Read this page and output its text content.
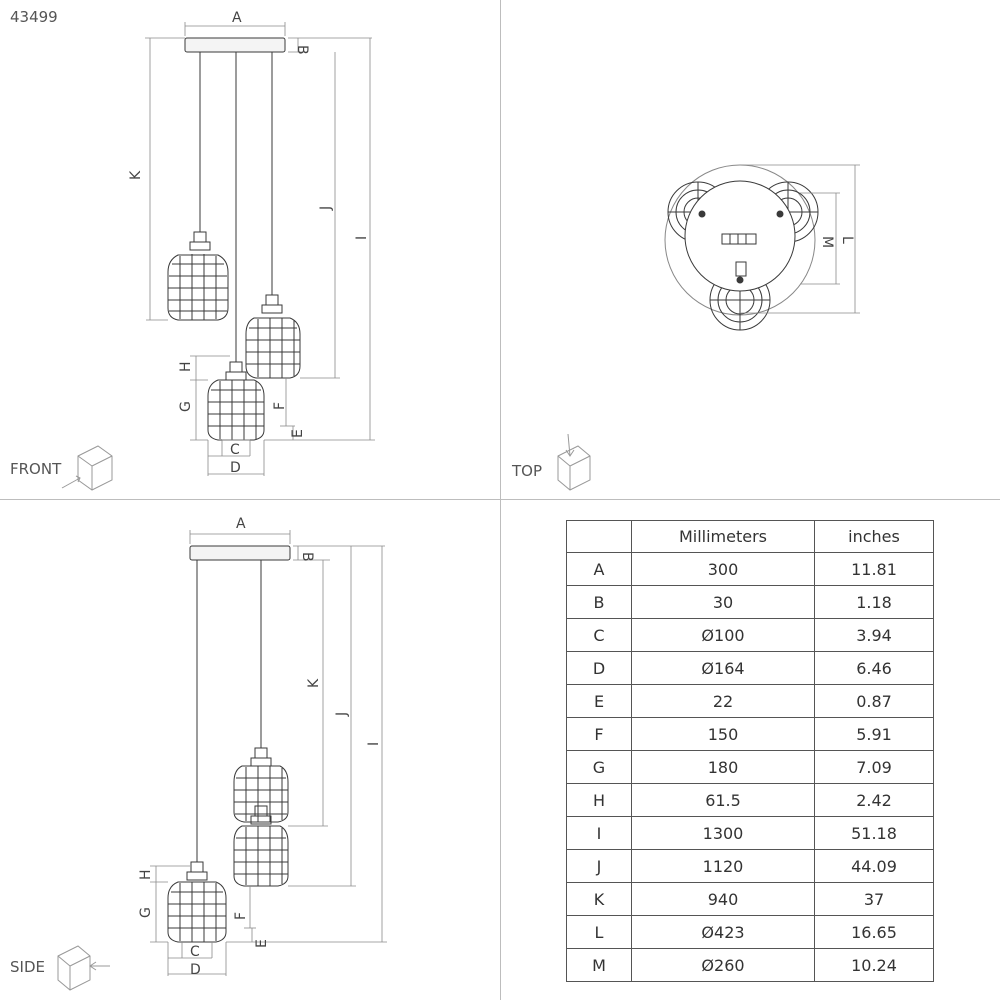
43499	A
B
K
J
I
H
G	F
E
C
D
FRONT
M L
TOP
A
B
K
J
I
H
G	F
E
C
D
SIDE
	Millimeters	inches
A	300	11.81
B	30	1.18
C	Ø100	3.94
D	Ø164	6.46
E	22	0.87
F	150	5.91
G	180	7.09
H	61.5	2.42
I	1300	51.18
J	1120	44.09
K	940	37
L	Ø423	16.65
M	Ø260	10.24
